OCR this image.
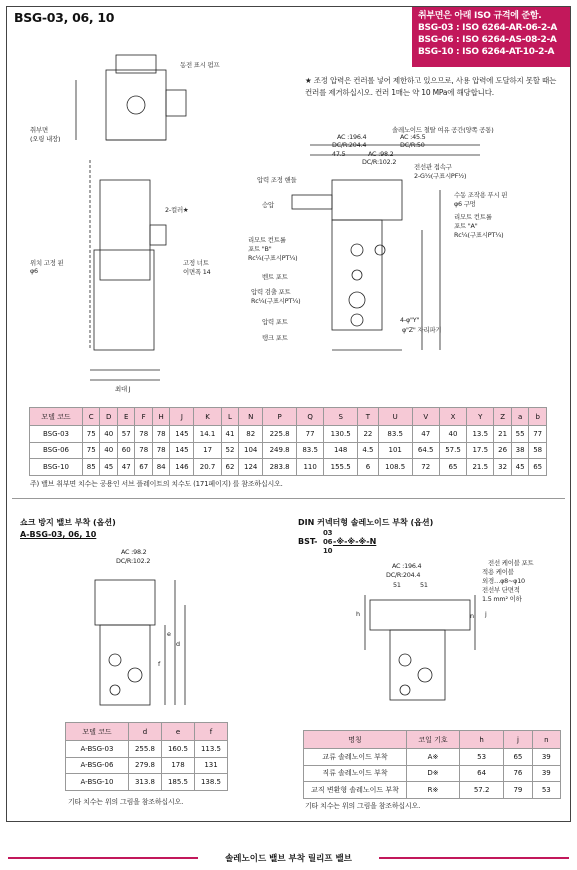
BSG-03, 06, 10	취부면은 아래 ISO 규격에 준함.
BSG-03 : ISO 6264-AR-06-2-A
BSG-06 : ISO 6264-AS-08-2-A
BSG-10 : ISO 6264-AT-10-2-A
★ 조정 압력은 컨러롤 넣어 제한하고 있으므로, 사용 압력에 도달하지 못할 때는 컨러를 제거하십시오. 컨러 1매는 약 10 MPa에 해당합니다.
동전 표시 펌프
취부면
(오링 내장)
2-컬러★
위치 고정 핀
φ6
고정 너트
이면폭 14
최대 J
솔레노이드 철탈 여유 공간(양쪽 공통)
AC :196.4	AC :45.5
DC/R:204.4	DC/R:50
AC :98.2
DC/R:102.2
47.5
압력 조정 핸들
승압
전선관 접속구
2-G½(구표시PF½)
수동 조작용 푸시 핀
φ6 구멍
리모트 컨트롤
포트 "A"
Rc¼(구표시PT¼)
리모트 컨트롤
포트 "B"
Rc¼(구표시PT¼)
벤트 포트
압력 검출 포트
Rc¼(구표시PT¼)
압력 포트
탱크 포트
4-φ"Y"
φ"Z" 자리파기
모델 코드	C	D	E	F	H	J	K	L	N	P	Q	S	T	U	V	X	Y	Z	a	b
BSG-03	75	40	57	78	78	145	14.1	41	82	225.8	77	130.5	22	83.5	47	40	13.5	21	55	77
BSG-06	75	40	60	78	78	145	17	52	104	249.8	83.5	148	4.5	101	64.5	57.5	17.5	26	38	58
BSG-10	85	45	47	67	84	146	20.7	62	124	283.8	110	155.5	6	108.5	72	65	21.5	32	45	65
주) 밸브 취부면 치수는 공용인 서브 플레이트의 치수도 (171페이지) 를 참조하십시오.
쇼크 방지 밸브 부착 (옵션)
A-BSG-03, 06, 10
AC :98.2
DC/R:102.2
e
f
d
모델 코드	d	e	f
A-BSG-03	255.8	160.5	113.5
A-BSG-06	279.8	178	131
A-BSG-10	313.8	185.5	138.5
기타 치수는 위의 그림을 참조하십시오.
DIN 커넥터형 솔레노이드 부착 (옵션)
BST-
03
06
10
-※-※-※-N
AC :196.4
DC/R:204.4
51	51
전선 케이블 포트
적용 케이블
외경…φ8~φ10
전선부 단면적
1.5 mm² 이하
h	j
n
명칭	코일 기호	h	j	n
교류 솔레노이드 부착	A※	53	65	39
직류 솔레노이드 부착	D※	64	76	39
교직 변환형 솔레노이드 부착	R※	57.2	79	53
기타 치수는 위의 그림을 참조하십시오.
솔레노이드 밸브 부착 릴리프 밸브
